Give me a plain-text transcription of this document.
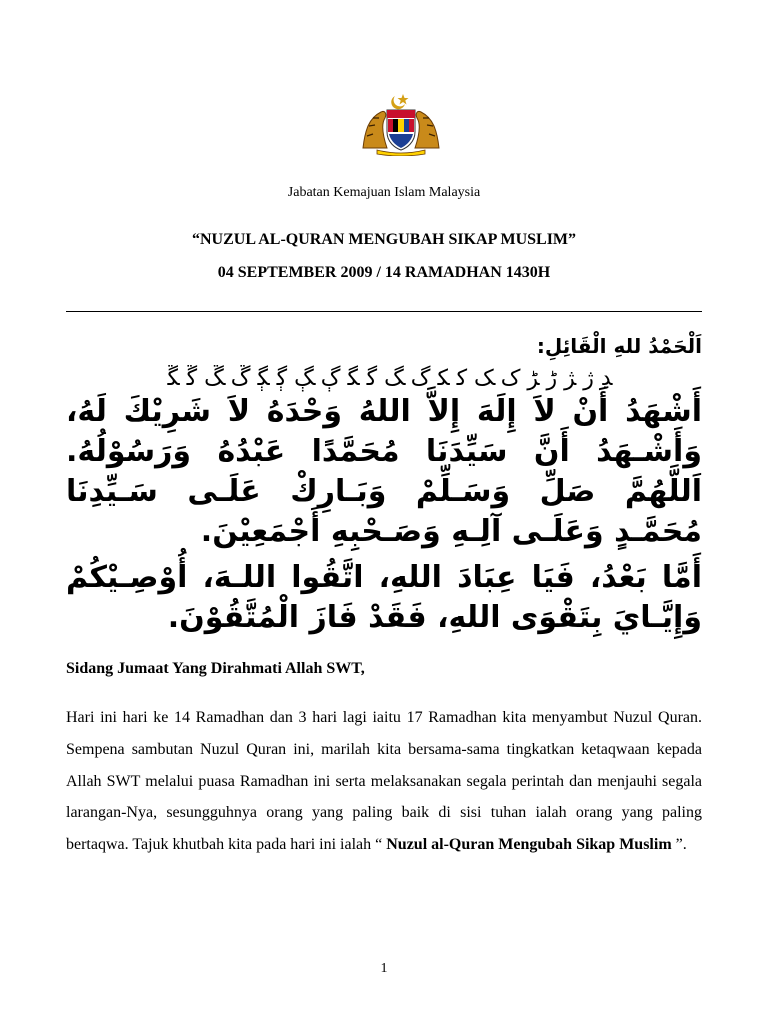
Jabatan Kemajuan Islam Malaysia
“NUZUL AL-QURAN MENGUBAH SIKAP MUSLIM”
04 SEPTEMBER 2009 / 14 RAMADHAN 1430H
اَلْحَمْدُ للهِ الْقَائِلِ:
ﮃ ﮊ ﮋ ﮌ ﮍ ﮎ ﮏ ﮐ ﮑ ﮒ ﮓ ﮔ ﮕ ﮖ ﮗ ﮘ ﮙ ﮚ ﮛ ﮜ ﮝ
أَشْهَدُ أَنْ لاَ إِلَهَ إِلاَّ اللهُ وَحْدَهُ لاَ شَرِيْكَ لَهُ، وَأَشْـهَدُ أَنَّ سَيِّدَنَا مُحَمَّدًا عَبْدُهُ وَرَسُوْلُهُ. اَللَّهُمَّ صَلِّ وَسَـلِّمْ وَبَـارِكْ عَلَـى سَـيِّدِنَا مُحَمَّـدٍ وَعَلَـى آلِـهِ وَصَـحْبِهِ أَجْمَعِيْنَ.
أَمَّا بَعْدُ، فَيَا عِبَادَ اللهِ، اتَّقُوا اللـهَ، أُوْصِـيْكُمْ وَإِيَّـايَ بِتَقْوَى اللهِ، فَقَدْ فَازَ الْمُتَّقُوْنَ.
Sidang Jumaat Yang Dirahmati Allah SWT,
Hari ini hari ke 14 Ramadhan dan 3 hari lagi iaitu 17 Ramadhan kita menyambut Nuzul Quran. Sempena sambutan Nuzul Quran ini, marilah kita bersama-sama tingkatkan ketaqwaan kepada Allah SWT melalui puasa Ramadhan ini serta melaksanakan segala perintah dan menjauhi segala larangan-Nya, sesungguhnya orang yang paling baik di sisi tuhan ialah orang yang paling bertaqwa. Tajuk khutbah kita pada hari ini ialah “ Nuzul al-Quran Mengubah Sikap Muslim ”.
1
